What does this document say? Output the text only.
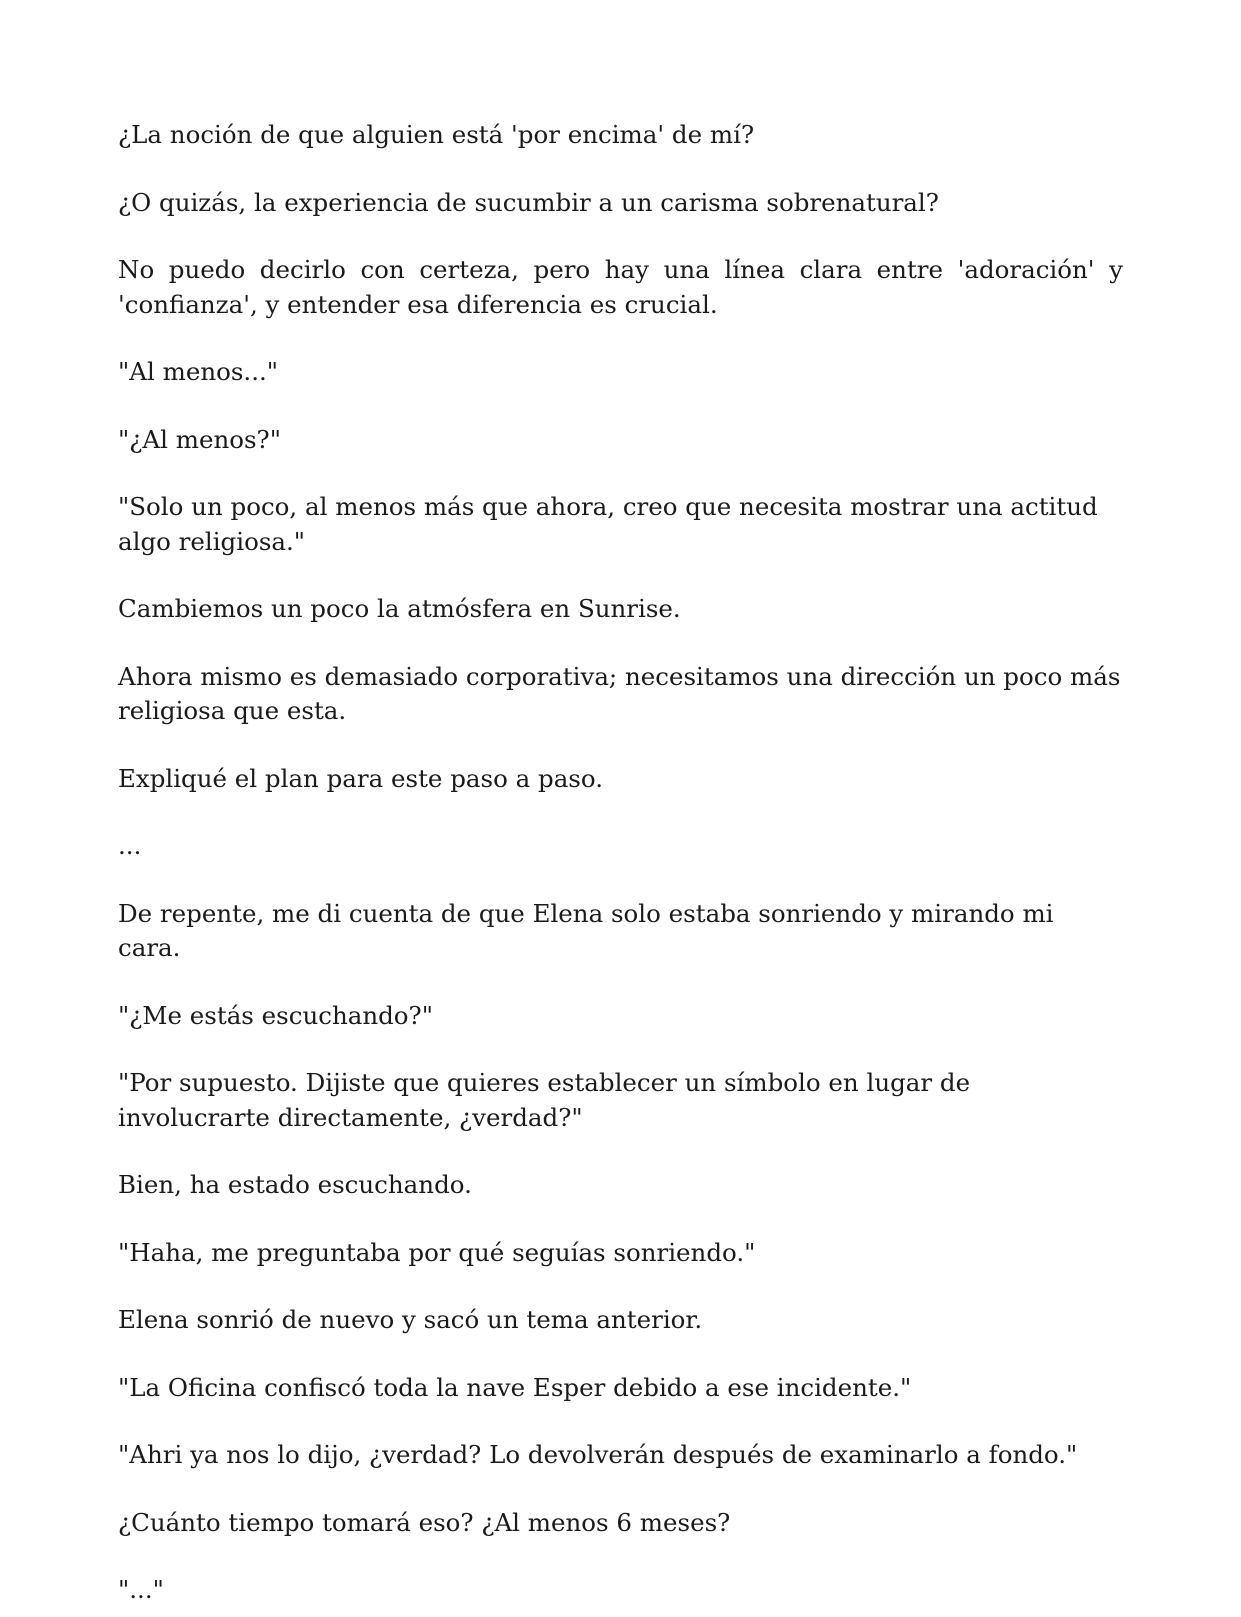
¿La noción de que alguien está 'por encima' de mí?

¿O quizás, la experiencia de sucumbir a un carisma sobrenatural?

No puedo decirlo con certeza, pero hay una línea clara entre 'adoración' y 'confianza', y entender esa diferencia es crucial.

"Al menos..."

"¿Al menos?"

"Solo un poco, al menos más que ahora, creo que necesita mostrar una actitud algo religiosa."

Cambiemos un poco la atmósfera en Sunrise.

Ahora mismo es demasiado corporativa; necesitamos una dirección un poco más religiosa que esta.

Expliqué el plan para este paso a paso.

...

De repente, me di cuenta de que Elena solo estaba sonriendo y mirando mi cara.

"¿Me estás escuchando?"

"Por supuesto. Dijiste que quieres establecer un símbolo en lugar de involucrarte directamente, ¿verdad?"

Bien, ha estado escuchando.

"Haha, me preguntaba por qué seguías sonriendo."

Elena sonrió de nuevo y sacó un tema anterior.

"La Oficina confiscó toda la nave Esper debido a ese incidente."

"Ahri ya nos lo dijo, ¿verdad? Lo devolverán después de examinarlo a fondo."

¿Cuánto tiempo tomará eso? ¿Al menos 6 meses?

"..."
